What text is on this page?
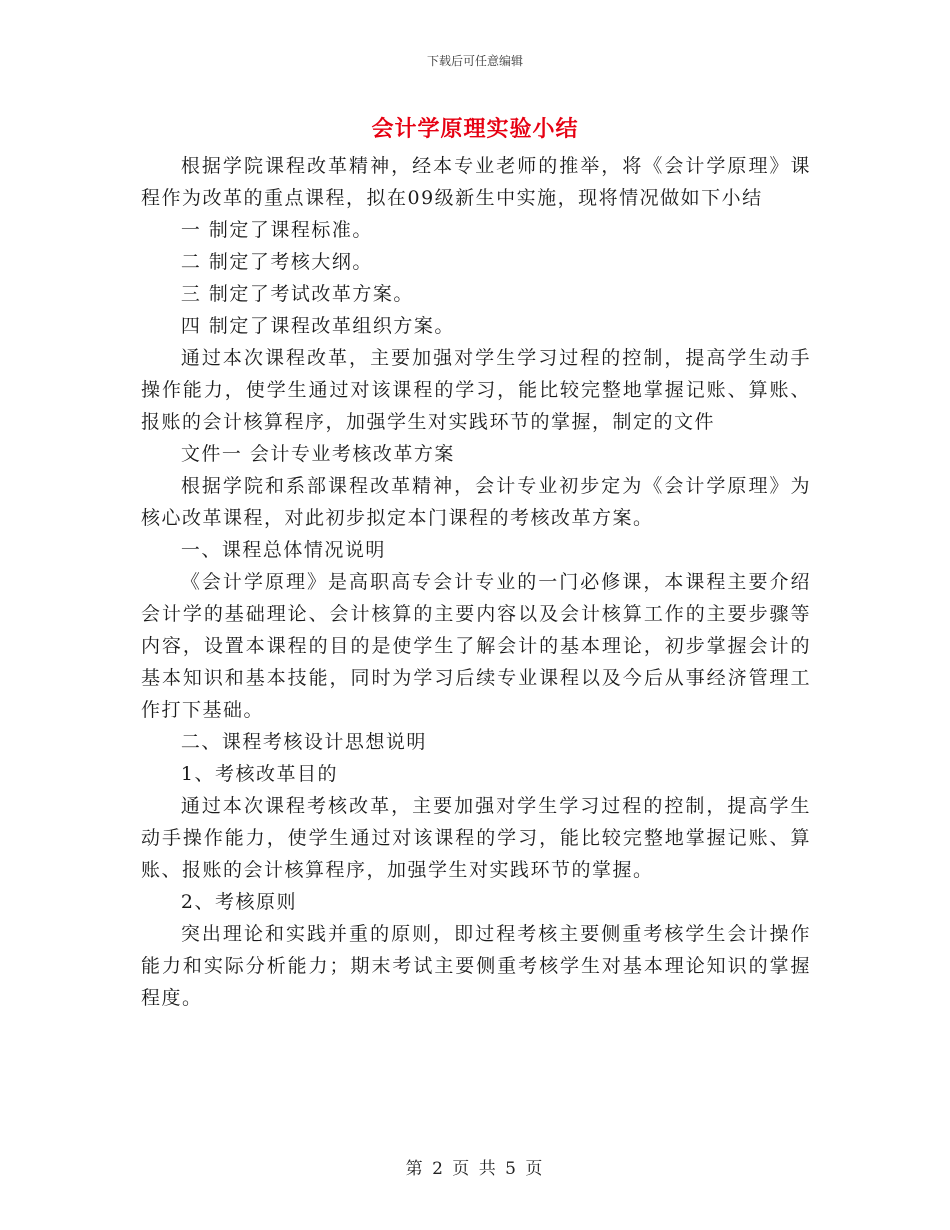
下载后可任意编辑
会计学原理实验小结

根据学院课程改革精神，经本专业老师的推举，将《会计学原理》课程作为改革的重点课程，拟在09级新生中实施，现将情况做如下小结

一 制定了课程标准。

二 制定了考核大纲。

三 制定了考试改革方案。

四 制定了课程改革组织方案。

通过本次课程改革，主要加强对学生学习过程的控制，提高学生动手操作能力，使学生通过对该课程的学习，能比较完整地掌握记账、算账、报账的会计核算程序，加强学生对实践环节的掌握，制定的文件

文件一 会计专业考核改革方案

根据学院和系部课程改革精神，会计专业初步定为《会计学原理》为核心改革课程，对此初步拟定本门课程的考核改革方案。

一、课程总体情况说明

《会计学原理》是高职高专会计专业的一门必修课，本课程主要介绍会计学的基础理论、会计核算的主要内容以及会计核算工作的主要步骤等内容，设置本课程的目的是使学生了解会计的基本理论，初步掌握会计的基本知识和基本技能，同时为学习后续专业课程以及今后从事经济管理工作打下基础。

二、课程考核设计思想说明

1、考核改革目的

通过本次课程考核改革，主要加强对学生学习过程的控制，提高学生动手操作能力，使学生通过对该课程的学习，能比较完整地掌握记账、算账、报账的会计核算程序，加强学生对实践环节的掌握。

2、考核原则

突出理论和实践并重的原则，即过程考核主要侧重考核学生会计操作能力和实际分析能力；期末考试主要侧重考核学生对基本理论知识的掌握程度。

第 2 页 共 5 页
